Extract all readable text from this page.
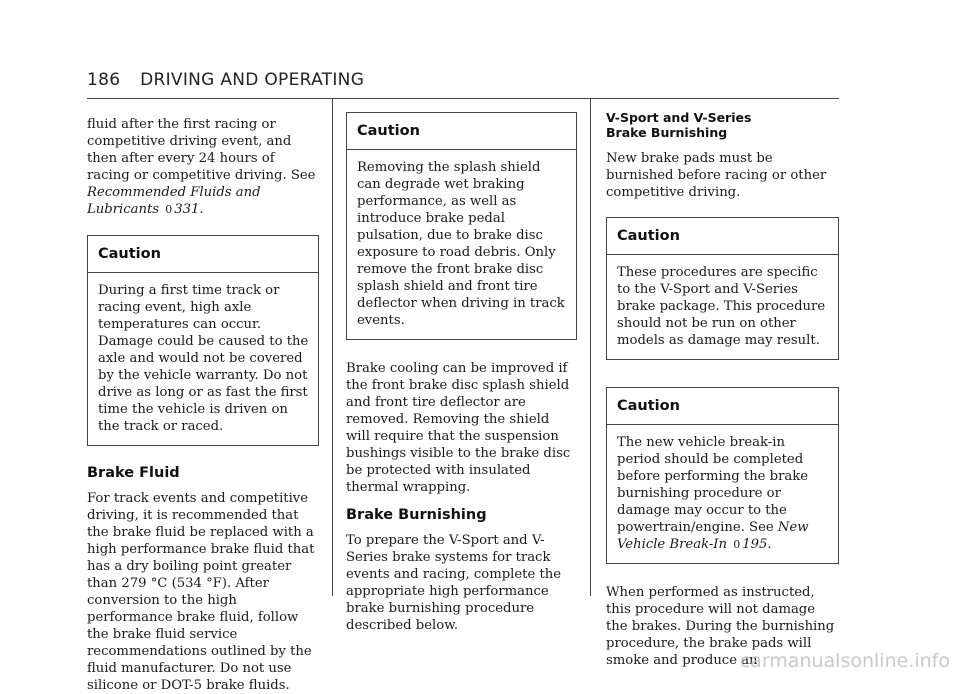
186 DRIVING AND OPERATING

fluid after the first racing or competitive driving event, and then after every 24 hours of racing or competitive driving. See Recommended Fluids and Lubricants 0 331.

Caution
During a first time track or racing event, high axle temperatures can occur. Damage could be caused to the axle and would not be covered by the vehicle warranty. Do not drive as long or as fast the first time the vehicle is driven on the track or raced.
Brake Fluid

For track events and competitive driving, it is recommended that the brake fluid be replaced with a high performance brake fluid that has a dry boiling point greater than 279 °C (534 °F). After conversion to the high performance brake fluid, follow the brake fluid service recommendations outlined by the fluid manufacturer. Do not use silicone or DOT-5 brake fluids.

Caution
Removing the splash shield can degrade wet braking performance, as well as introduce brake pedal pulsation, due to brake disc exposure to road debris. Only remove the front brake disc splash shield and front tire deflector when driving in track events.

Brake cooling can be improved if the front brake disc splash shield and front tire deflector are removed. Removing the shield will require that the suspension bushings visible to the brake disc be protected with insulated thermal wrapping.

Brake Burnishing

To prepare the V-Sport and V-Series brake systems for track events and racing, complete the appropriate high performance brake burnishing procedure described below.

V-Sport and V-Series Brake Burnishing

New brake pads must be burnished before racing or other competitive driving.

Caution
These procedures are specific to the V-Sport and V-Series brake package. This procedure should not be run on other models as damage may result.
Caution
The new vehicle break-in period should be completed before performing the brake burnishing procedure or damage may occur to the powertrain/engine. See New Vehicle Break-In 0 195.

When performed as instructed, this procedure will not damage the brakes. During the burnishing procedure, the brake pads will smoke and produce an

carmanualsonline.info
